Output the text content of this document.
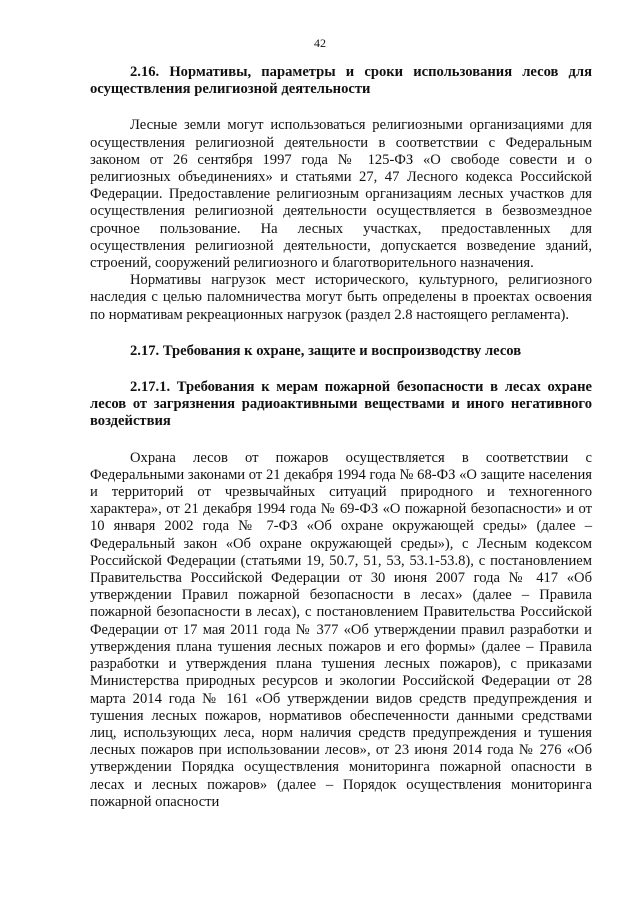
42

2.16. Нормативы, параметры и сроки использования лесов для осуществления религиозной деятельности

Лесные земли могут использоваться религиозными организациями для осуществления религиозной деятельности в соответствии с Федеральным законом от 26 сентября 1997 года № 125-ФЗ «О свободе совести и о религиозных объединениях» и статьями 27, 47 Лесного кодекса Российской Федерации. Предоставление религиозным организациям лесных участков для осуществления религиозной деятельности осуществляется в безвозмездное срочное пользование. На лесных участках, предоставленных для осуществления религиозной деятельности, допускается возведение зданий, строений, сооружений религиозного и благотворительного назначения.

Нормативы нагрузок мест исторического, культурного, религиозного наследия с целью паломничества могут быть определены в проектах освоения по нормативам рекреационных нагрузок (раздел 2.8 настоящего регламента).

2.17. Требования к охране, защите и воспроизводству лесов

2.17.1. Требования к мерам пожарной безопасности в лесах охране лесов от загрязнения радиоактивными веществами и иного негативного воздействия

Охрана лесов от пожаров осуществляется в соответствии с Федеральными законами от 21 декабря 1994 года № 68-ФЗ «О защите населения и территорий от чрезвычайных ситуаций природного и техногенного характера», от 21 декабря 1994 года № 69-ФЗ «О пожарной безопасности» и от 10 января 2002 года № 7-ФЗ «Об охране окружающей среды» (далее – Федеральный закон «Об охране окружающей среды»), с Лесным кодексом Российской Федерации (статьями 19, 50.7, 51, 53, 53.1-53.8), с постановлением Правительства Российской Федерации от 30 июня 2007 года № 417 «Об утверждении Правил пожарной безопасности в лесах» (далее – Правила пожарной безопасности в лесах), с постановлением Правительства Российской Федерации от 17 мая 2011 года № 377 «Об утверждении правил разработки и утверждения плана тушения лесных пожаров и его формы» (далее – Правила разработки и утверждения плана тушения лесных пожаров), с приказами Министерства природных ресурсов и экологии Российской Федерации от 28 марта 2014 года № 161 «Об утверждении видов средств предупреждения и тушения лесных пожаров, нормативов обеспеченности данными средствами лиц, использующих леса, норм наличия средств предупреждения и тушения лесных пожаров при использовании лесов», от 23 июня 2014 года № 276 «Об утверждении Порядка осуществления мониторинга пожарной опасности в лесах и лесных пожаров» (далее – Порядок осуществления мониторинга пожарной опасности
